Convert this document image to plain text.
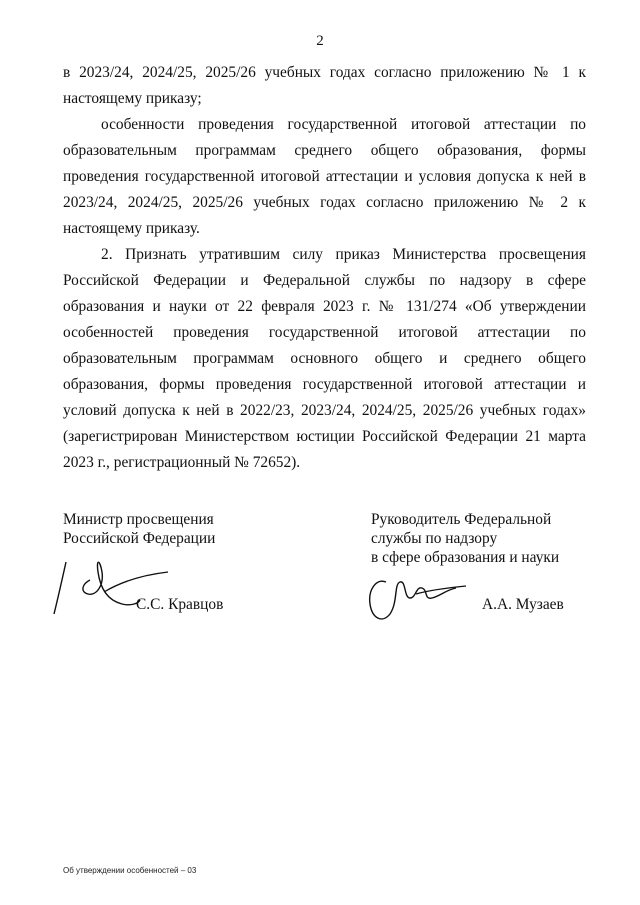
2

в 2023/24, 2024/25, 2025/26 учебных годах согласно приложению № 1 к настоящему приказу;

особенности проведения государственной итоговой аттестации по образовательным программам среднего общего образования, формы проведения государственной итоговой аттестации и условия допуска к ней в 2023/24, 2024/25, 2025/26 учебных годах согласно приложению № 2 к настоящему приказу.

2. Признать утратившим силу приказ Министерства просвещения Российской Федерации и Федеральной службы по надзору в сфере образования и науки от 22 февраля 2023 г. № 131/274 «Об утверждении особенностей проведения государственной итоговой аттестации по образовательным программам основного общего и среднего общего образования, формы проведения государственной итоговой аттестации и условий допуска к ней в 2022/23, 2023/24, 2024/25, 2025/26 учебных годах» (зарегистрирован Министерством юстиции Российской Федерации 21 марта 2023 г., регистрационный № 72652).

Министр просвещения
Российской Федерации
С.С. Кравцов
Руководитель Федеральной
службы по надзору
в сфере образования и науки
А.А. Музаев
Об утверждении особенностей – 03
